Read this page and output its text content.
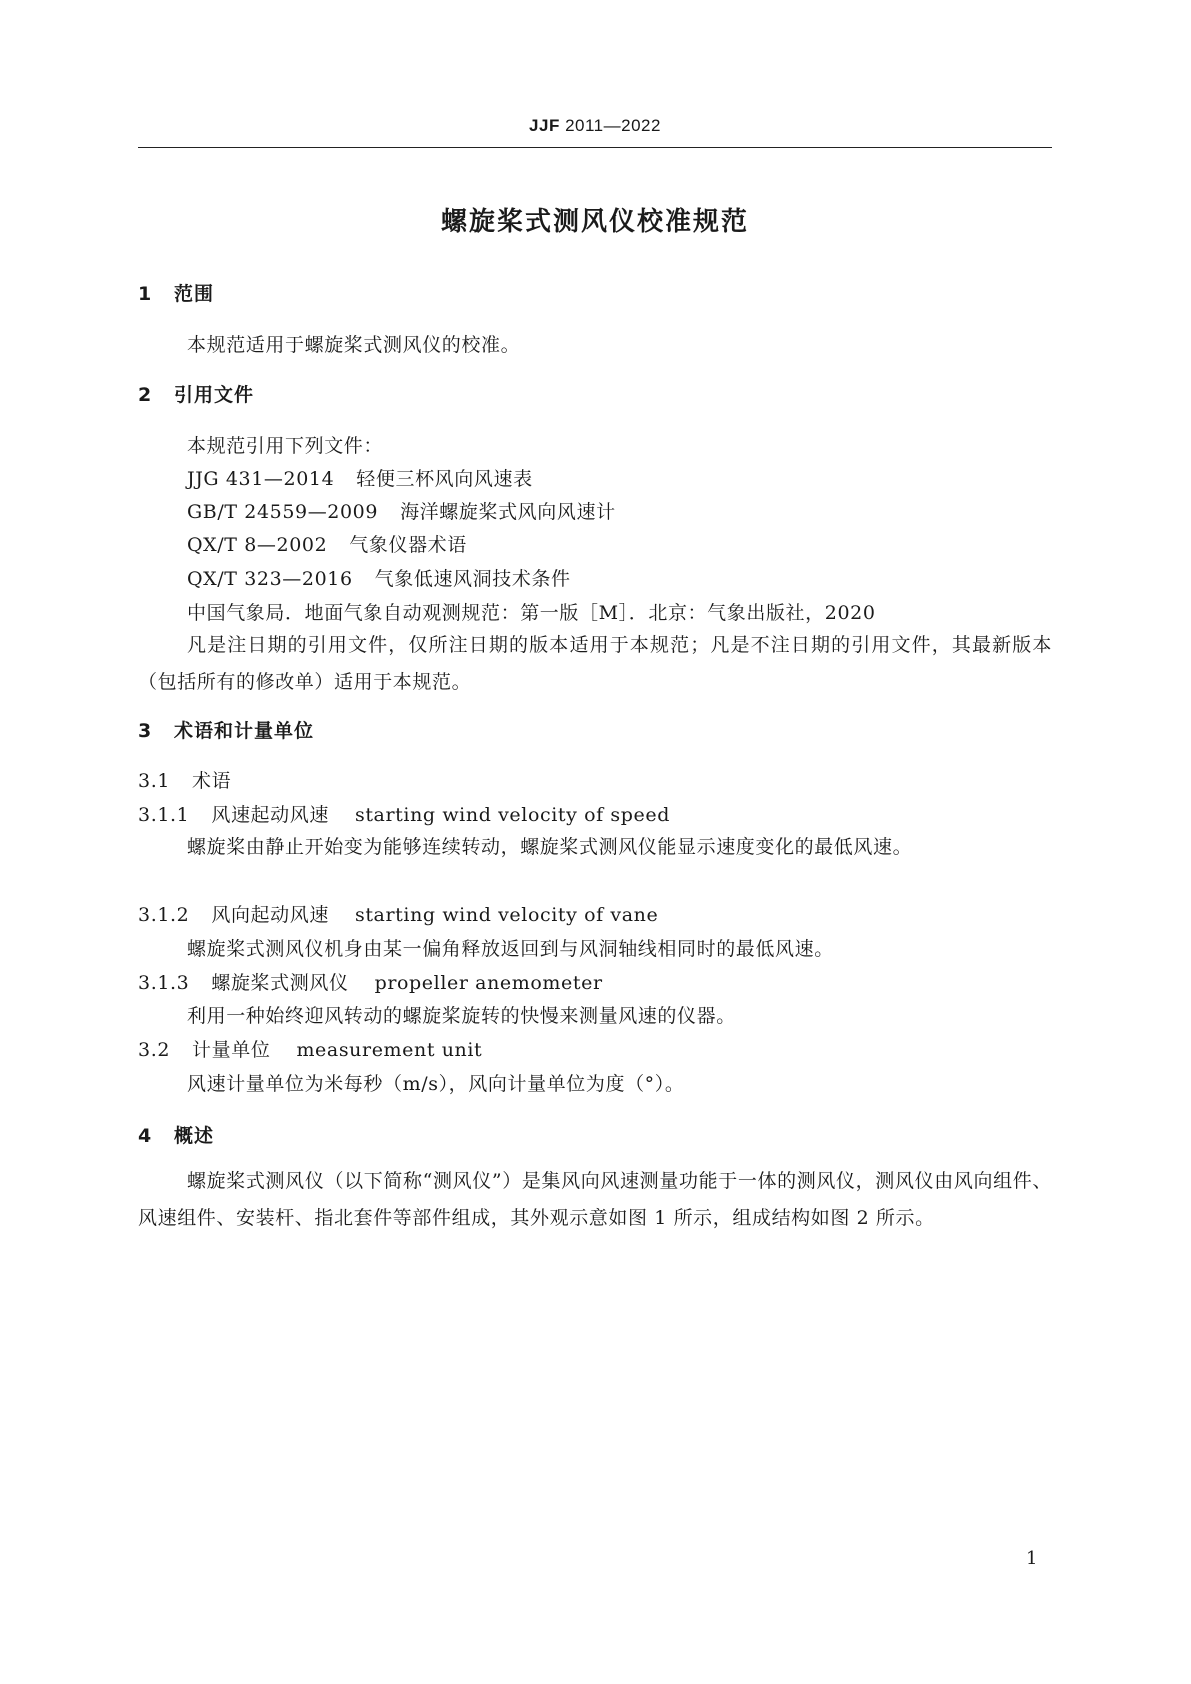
JJF 2011—2022
螺旋桨式测风仪校准规范
1 范围
本规范适用于螺旋桨式测风仪的校准。
2 引用文件
本规范引用下列文件：
JJG 431—2014 轻便三杯风向风速表
GB/T 24559—2009 海洋螺旋桨式风向风速计
QX/T 8—2002 气象仪器术语
QX/T 323—2016 气象低速风洞技术条件
中国气象局．地面气象自动观测规范：第一版［M］．北京：气象出版社，2020
凡是注日期的引用文件，仅所注日期的版本适用于本规范；凡是不注日期的引用文件，其最新版本（包括所有的修改单）适用于本规范。
3 术语和计量单位
3.1 术语
3.1.1 风速起动风速 starting wind velocity of speed
螺旋桨由静止开始变为能够连续转动，螺旋桨式测风仪能显示速度变化的最低风速。
3.1.2 风向起动风速 starting wind velocity of vane
螺旋桨式测风仪机身由某一偏角释放返回到与风洞轴线相同时的最低风速。
3.1.3 螺旋桨式测风仪 propeller anemometer
利用一种始终迎风转动的螺旋桨旋转的快慢来测量风速的仪器。
3.2 计量单位 measurement unit
风速计量单位为米每秒（m/s），风向计量单位为度（°）。
4 概述
螺旋桨式测风仪（以下简称“测风仪”）是集风向风速测量功能于一体的测风仪，测风仪由风向组件、风速组件、安装杆、指北套件等部件组成，其外观示意如图 1 所示，组成结构如图 2 所示。
1
